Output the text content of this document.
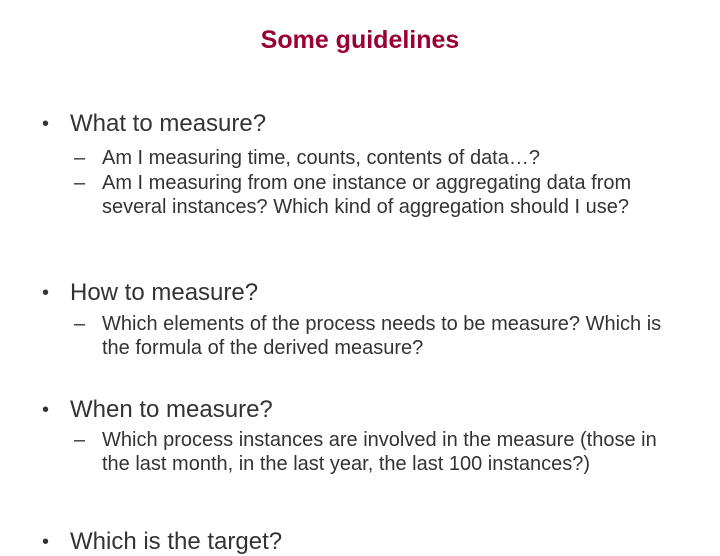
Some guidelines
• What to measure?
– Am I measuring time, counts, contents of data…?
– Am I measuring from one instance or aggregating data from several instances? Which kind of aggregation should I use?
• How to measure?
– Which elements of the process needs to be measure? Which is the formula of the derived measure?
• When to measure?
– Which process instances are involved in the measure (those in the last month, in the last year, the last 100 instances?)
• Which is the target?
